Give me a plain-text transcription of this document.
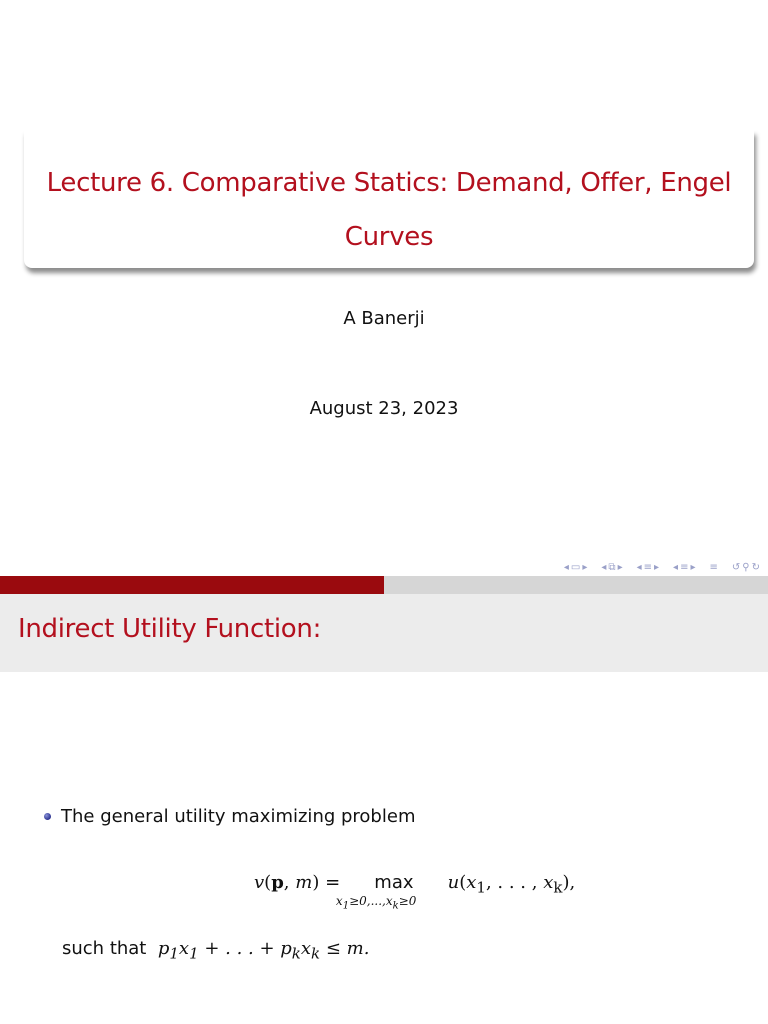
Lecture 6. Comparative Statics: Demand, Offer, Engel
Curves
A Banerji
August 23, 2023
◂ ▭ ▸ ◂ ⧉ ▸ ◂ ≡ ▸ ◂ ≡ ▸ ≡ ↺ ⚲ ↻
Indirect Utility Function:
The general utility maximizing problem
v(p, m) = max
$x_1\ge 0,...,x_k\ge 0$
$u(x_1$, . . . , $x_k$),
such that  $p_1x_1$ + . . . + $p_kx_k \le m$.
